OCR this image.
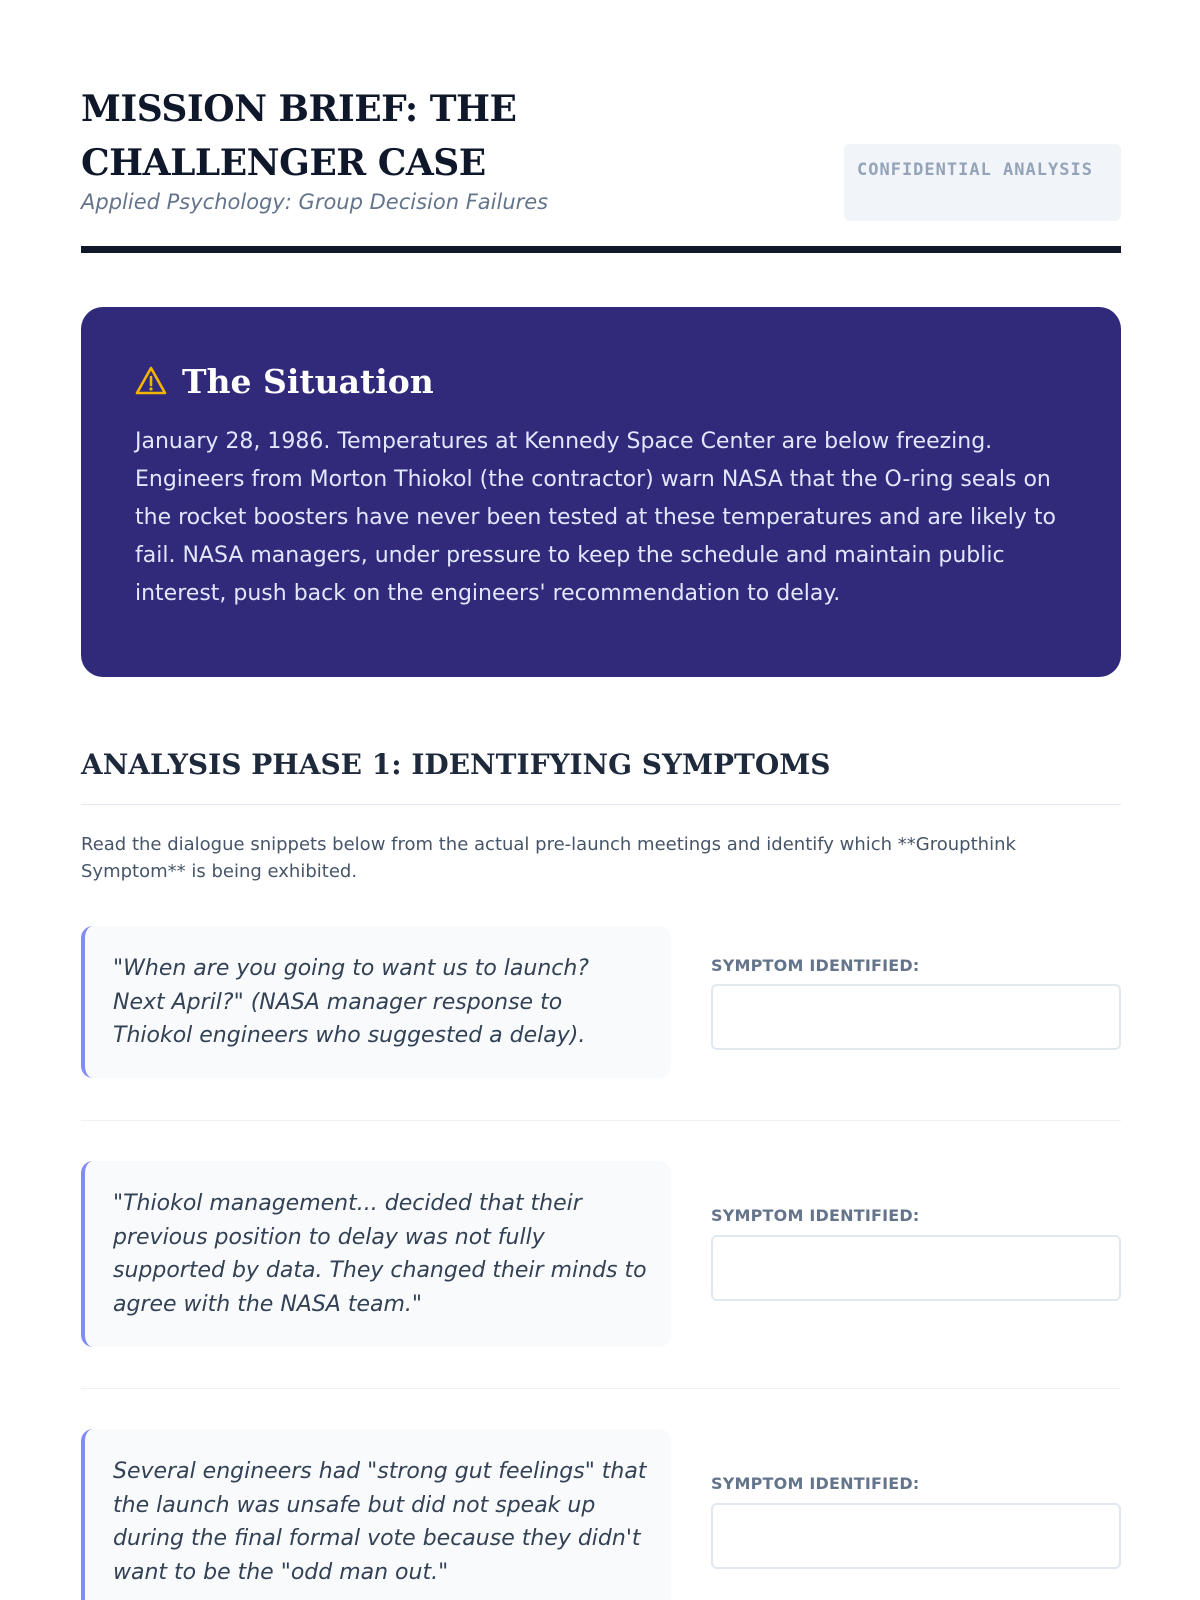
MISSION BRIEF: THE CHALLENGER CASE
Applied Psychology: Group Decision Failures
CONFIDENTIAL ANALYSIS
The Situation

January 28, 1986. Temperatures at Kennedy Space Center are below freezing. Engineers from Morton Thiokol (the contractor) warn NASA that the O-ring seals on the rocket boosters have never been tested at these temperatures and are likely to fail. NASA managers, under pressure to keep the schedule and maintain public interest, push back on the engineers' recommendation to delay.

ANALYSIS PHASE 1: IDENTIFYING SYMPTOMS

Read the dialogue snippets below from the actual pre-launch meetings and identify which **Groupthink Symptom** is being exhibited.

"When are you going to want us to launch? Next April?" (NASA manager response to Thiokol engineers who suggested a delay).
SYMPTOM IDENTIFIED:
"Thiokol management... decided that their previous position to delay was not fully supported by data. They changed their minds to agree with the NASA team."
SYMPTOM IDENTIFIED:
Several engineers had "strong gut feelings" that the launch was unsafe but did not speak up during the final formal vote because they didn't want to be the "odd man out."
SYMPTOM IDENTIFIED:
